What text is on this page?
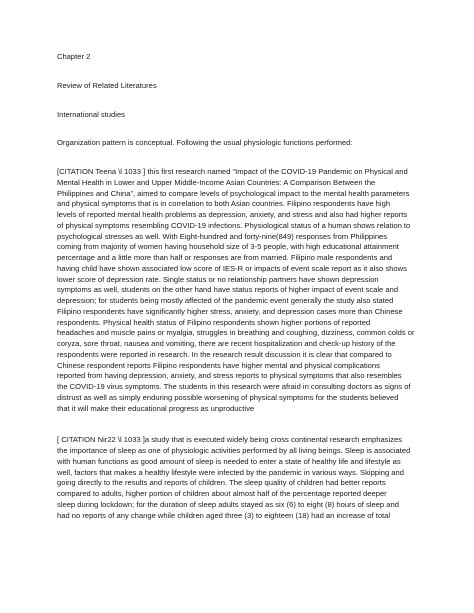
Chapter 2
Review of Related Literatures
International studies
Organization pattern is conceptual. Following the usual physiologic functions performed:
[CITATION Teena \l 1033 ] this first research named “Impact of the COVID-19 Pandemic on Physical and
Mental Health in Lower and Upper Middle-Income Asian Countries: A Comparison Between the
Philippines and China”, aimed to compare levels of psychological impact to the mental health parameters
and physical symptoms that is in correlation to both Asian countries. Filipino respondents have high
levels of reported mental health problems as depression, anxiety, and stress and also had higher reports
of physical symptoms resembling COVID-19 infections. Physiological status of a human shows relation to
psychological stresses as well. With Eight-hundred and forty-nine(849) responses from Philippines
coming from majority of women having household size of 3-5 people, with high educational attainment
percentage and a little more than half or responses are from married. Filipino male respondents and
having child have shown associated low score of IES-R or impacts of event scale report as it also shows
lower score of depression rate. Single status or no relationship partners have shown depression
symptoms as well, students on the other hand have status reports of higher impact of event scale and
depression; for students being mostly affected of the pandemic event generally the study also stated
Filipino respondents have significantly higher stress, anxiety, and depression cases more than Chinese
respondents. Physical health status of Filipino respondents shown higher portions of reported
headaches and muscle pains or myalgia, struggles in breathing and coughing, dizziness, common colds or
coryza, sore throat, nausea and vomiting, there are recent hospitalization and check-up history of the
respondents were reported in research. In the research result discussion it is clear that compared to
Chinese respondent reports Filipino respondents have higher mental and physical complications
reported from having depression, anxiety, and stress reports to physical symptoms that also resembles
the COVID-19 virus symptoms. The students in this research were afraid in consulting doctors as signs of
distrust as well as simply enduring possible worsening of physical symptoms for the students believed
that it will make their educational progress as unproductive
[ CITATION Nir22 \l 1033 ]a study that is executed widely being cross continental research emphasizes
the importance of sleep as one of physiologic activities performed by all living beings. Sleep is associated
with human functions as good amount of sleep is needed to enter a state of healthy life and lifestyle as
well, factors that makes a healthy lifestyle were infected by the pandemic in various ways. Skipping and
going directly to the results and reports of children. The sleep quality of children had better reports
compared to adults, higher portion of children about almost half of the percentage reported deeper
sleep during lockdown; for the duration of sleep adults stayed as six (6) to eight (8) hours of sleep and
had no reports of any change while children aged three (3) to eighteen (18) had an increase of total
